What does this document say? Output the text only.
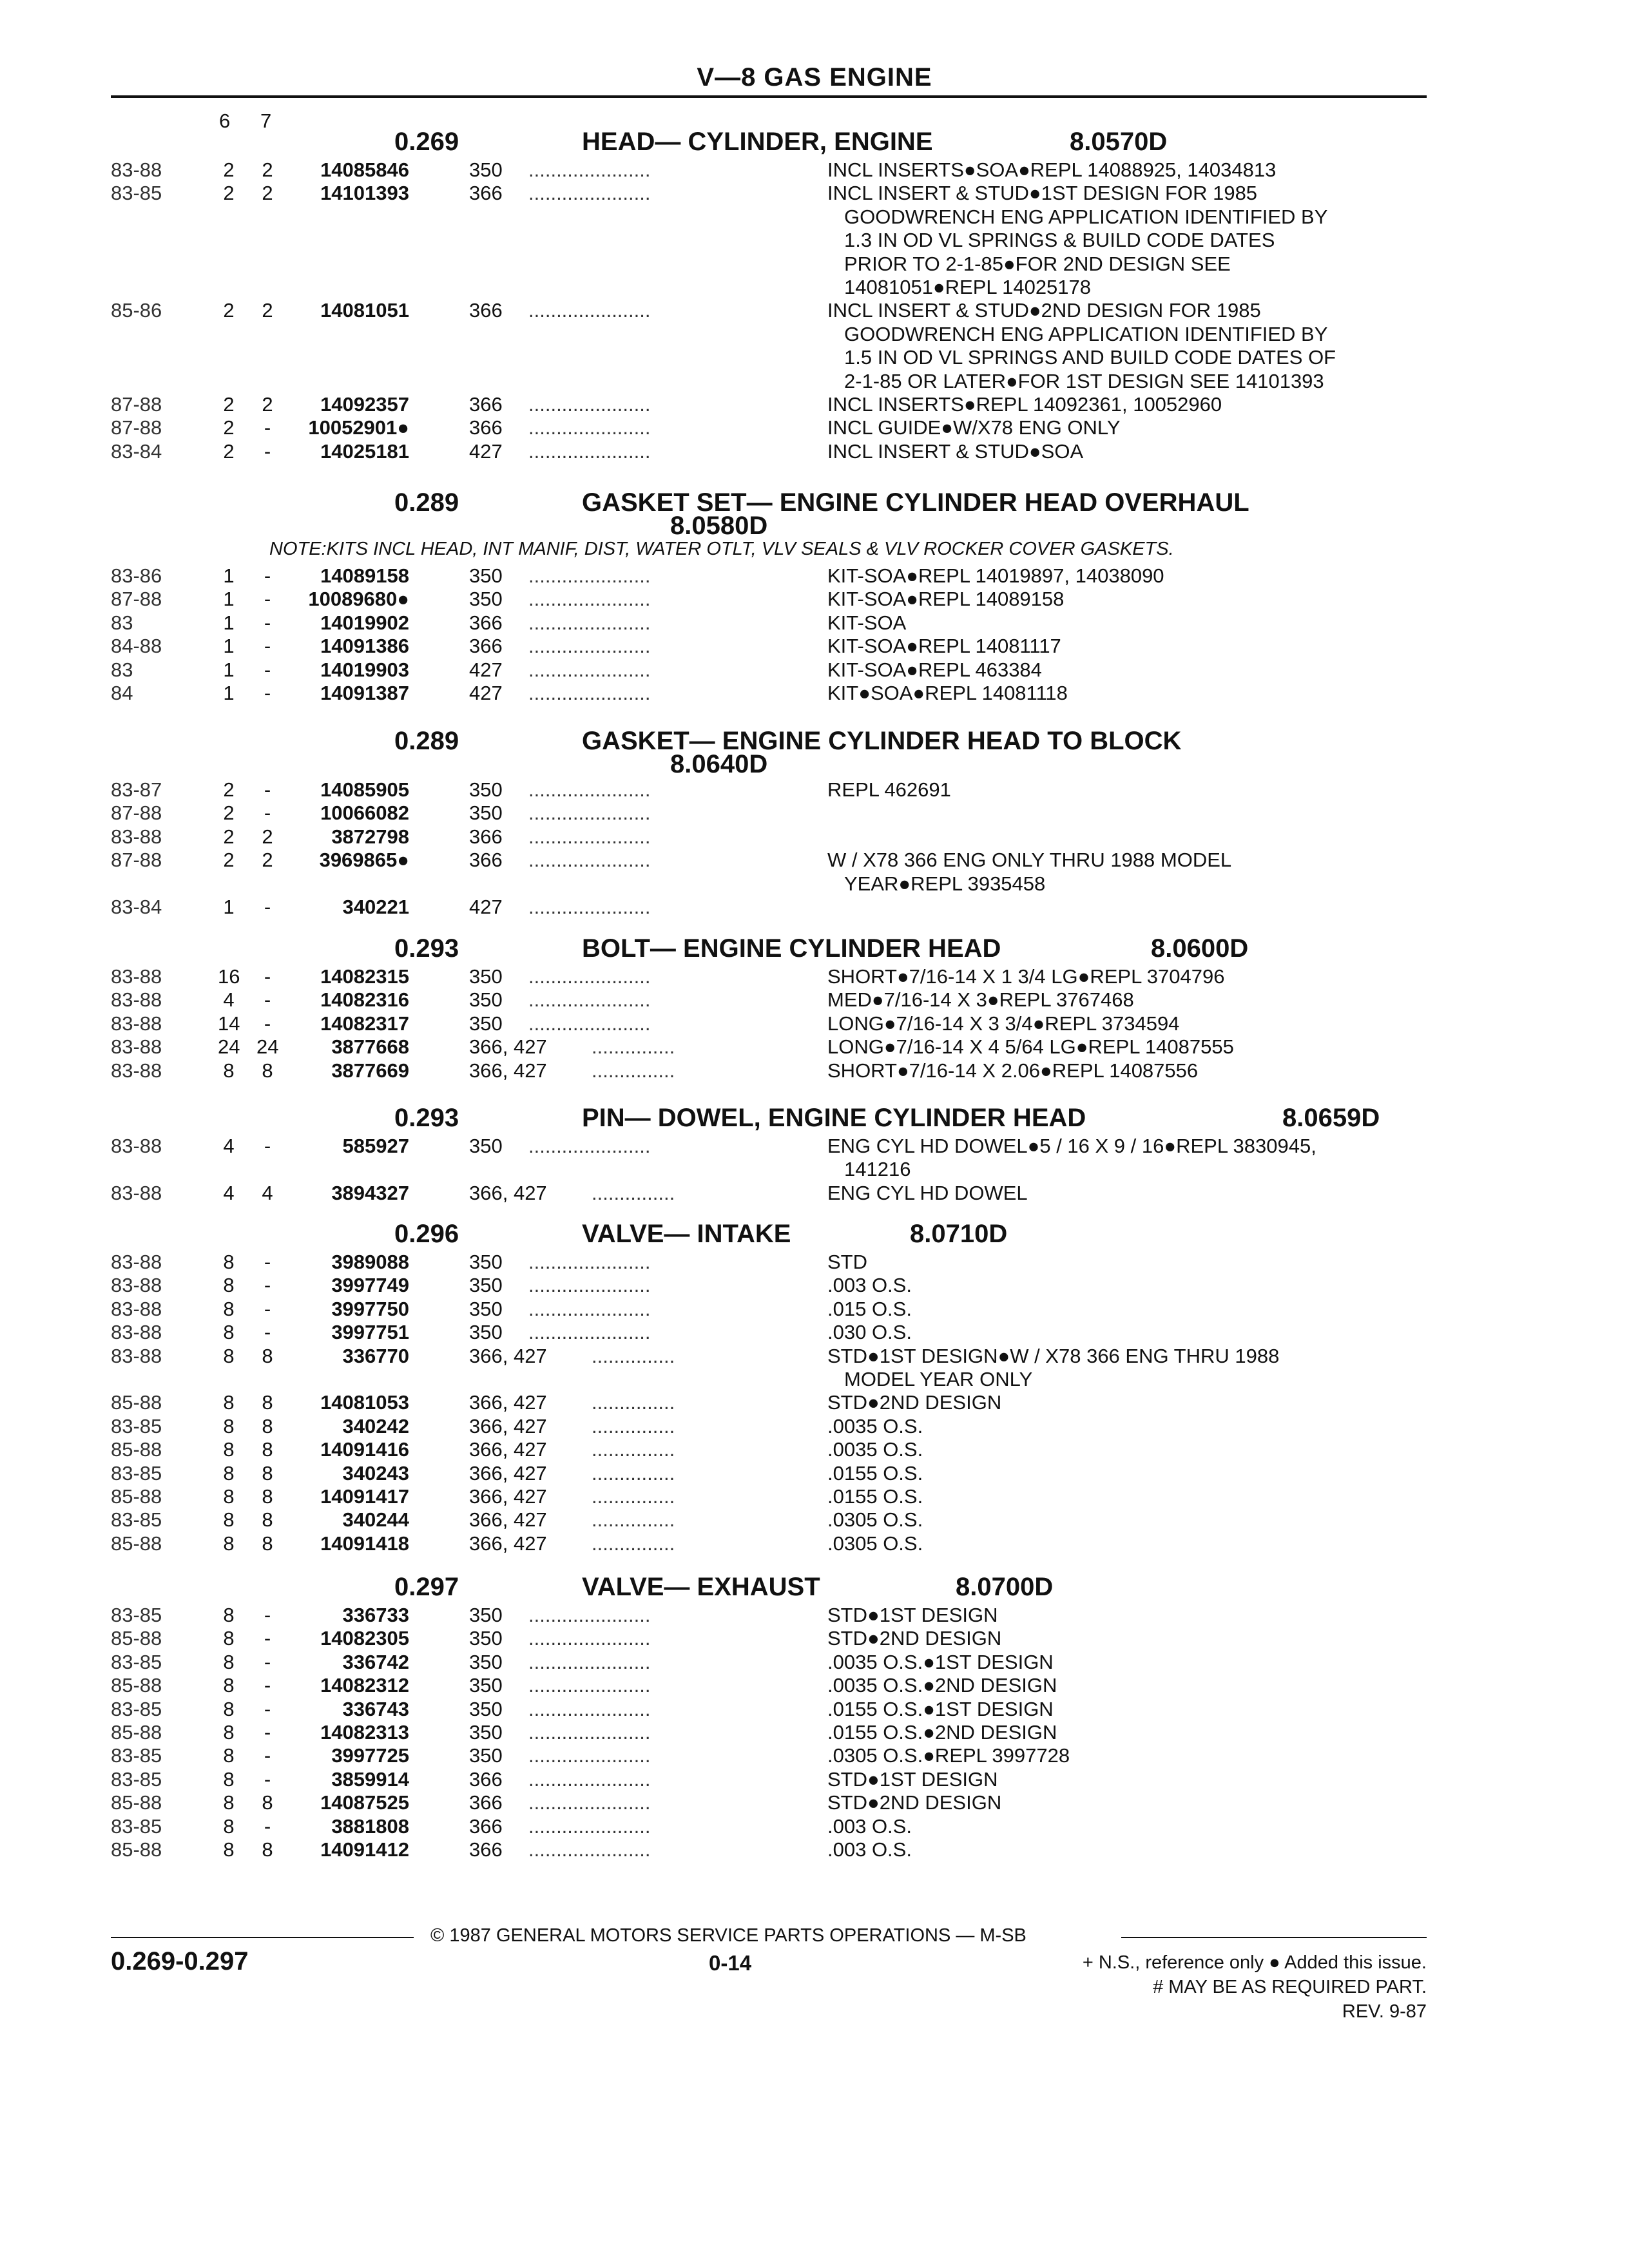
V—8 GAS ENGINE
6 7
0.269	HEAD— CYLINDER, ENGINE	8.0570D
83-88	2 2	14085846	350 ......................	INCL INSERTS●SOA●REPL 14088925, 14034813
83-85	2 2	14101393	366 ......................	INCL INSERT & STUD●1ST DESIGN FOR 1985
GOODWRENCH ENG APPLICATION IDENTIFIED BY
1.3 IN OD VL SPRINGS & BUILD CODE DATES
PRIOR TO 2-1-85●FOR 2ND DESIGN SEE
14081051●REPL 14025178
85-86	2 2	14081051	366 ......................	INCL INSERT & STUD●2ND DESIGN FOR 1985
GOODWRENCH ENG APPLICATION IDENTIFIED BY
1.5 IN OD VL SPRINGS AND BUILD CODE DATES OF
2-1-85 OR LATER●FOR 1ST DESIGN SEE 14101393
87-88	2 2	14092357	366 ......................	INCL INSERTS●REPL 14092361, 10052960
87-88	2	-	10052901●	366 ......................	INCL GUIDE●W/X78 ENG ONLY
83-84	2	-	14025181	427 ......................	INCL INSERT & STUD●SOA
0.289	GASKET SET— ENGINE CYLINDER HEAD OVERHAUL
8.0580D
NOTE:KITS INCL HEAD, INT MANIF, DIST, WATER OTLT, VLV SEALS & VLV ROCKER COVER GASKETS.
83-86	1	-	14089158	350 ......................	KIT-SOA●REPL 14019897, 14038090
87-88	1	-	10089680●	350 ......................	KIT-SOA●REPL 14089158
83	1	-	14019902	366 ......................	KIT-SOA
84-88	1	-	14091386	366 ......................	KIT-SOA●REPL 14081117
83	1	-	14019903	427 ......................	KIT-SOA●REPL 463384
84	1	-	14091387	427 ......................	KIT●SOA●REPL 14081118
0.289	GASKET— ENGINE CYLINDER HEAD TO BLOCK
8.0640D
83-87	2	-	14085905	350 ......................	REPL 462691
87-88	2	-	10066082	350 ......................
83-88	2 2	3872798	366 ......................
87-88	2 2	3969865●	366 ......................	W / X78 366 ENG ONLY THRU 1988 MODEL
YEAR●REPL 3935458
83-84	1	-	340221	427 ......................
0.293	BOLT— ENGINE CYLINDER HEAD	8.0600D
83-88	16	-	14082315	350 ......................	SHORT●7/16-14 X 1 3/4 LG●REPL 3704796
83-88	4	-	14082316	350 ......................	MED●7/16-14 X 3●REPL 3767468
83-88	14	-	14082317	350 ......................	LONG●7/16-14 X 3 3/4●REPL 3734594
83-88	24 24	3877668	366, 427 ...............	LONG●7/16-14 X 4 5/64 LG●REPL 14087555
83-88	8 8	3877669	366, 427 ...............	SHORT●7/16-14 X 2.06●REPL 14087556
0.293	PIN— DOWEL, ENGINE CYLINDER HEAD	8.0659D
83-88	4	-	585927	350 ......................	ENG CYL HD DOWEL●5 / 16 X 9 / 16●REPL 3830945,
141216
83-88	4 4	3894327	366, 427 ...............	ENG CYL HD DOWEL
0.296	VALVE— INTAKE	8.0710D
83-88	8	-	3989088	350 ......................	STD
83-88	8	-	3997749	350 ......................	.003 O.S.
83-88	8	-	3997750	350 ......................	.015 O.S.
83-88	8	-	3997751	350 ......................	.030 O.S.
83-88	8 8	336770	366, 427 ...............	STD●1ST DESIGN●W / X78 366 ENG THRU 1988
MODEL YEAR ONLY
85-88	8 8	14081053	366, 427 ...............	STD●2ND DESIGN
83-85	8 8	340242	366, 427 ...............	.0035 O.S.
85-88	8 8	14091416	366, 427 ...............	.0035 O.S.
83-85	8 8	340243	366, 427 ...............	.0155 O.S.
85-88	8 8	14091417	366, 427 ...............	.0155 O.S.
83-85	8 8	340244	366, 427 ...............	.0305 O.S.
85-88	8 8	14091418	366, 427 ...............	.0305 O.S.
0.297	VALVE— EXHAUST	8.0700D
83-85	8	-	336733	350 ......................	STD●1ST DESIGN
85-88	8	-	14082305	350 ......................	STD●2ND DESIGN
83-85	8	-	336742	350 ......................	.0035 O.S.●1ST DESIGN
85-88	8	-	14082312	350 ......................	.0035 O.S.●2ND DESIGN
83-85	8	-	336743	350 ......................	.0155 O.S.●1ST DESIGN
85-88	8	-	14082313	350 ......................	.0155 O.S.●2ND DESIGN
83-85	8	-	3997725	350 ......................	.0305 O.S.●REPL 3997728
83-85	8	-	3859914	366 ......................	STD●1ST DESIGN
85-88	8 8	14087525	366 ......................	STD●2ND DESIGN
83-85	8	-	3881808	366 ......................	.003 O.S.
85-88	8 8	14091412	366 ......................	.003 O.S.
© 1987 GENERAL MOTORS SERVICE PARTS OPERATIONS — M-SB
0.269-0.297	0-14	+ N.S., reference only ● Added this issue.
# MAY BE AS REQUIRED PART.
REV. 9-87
